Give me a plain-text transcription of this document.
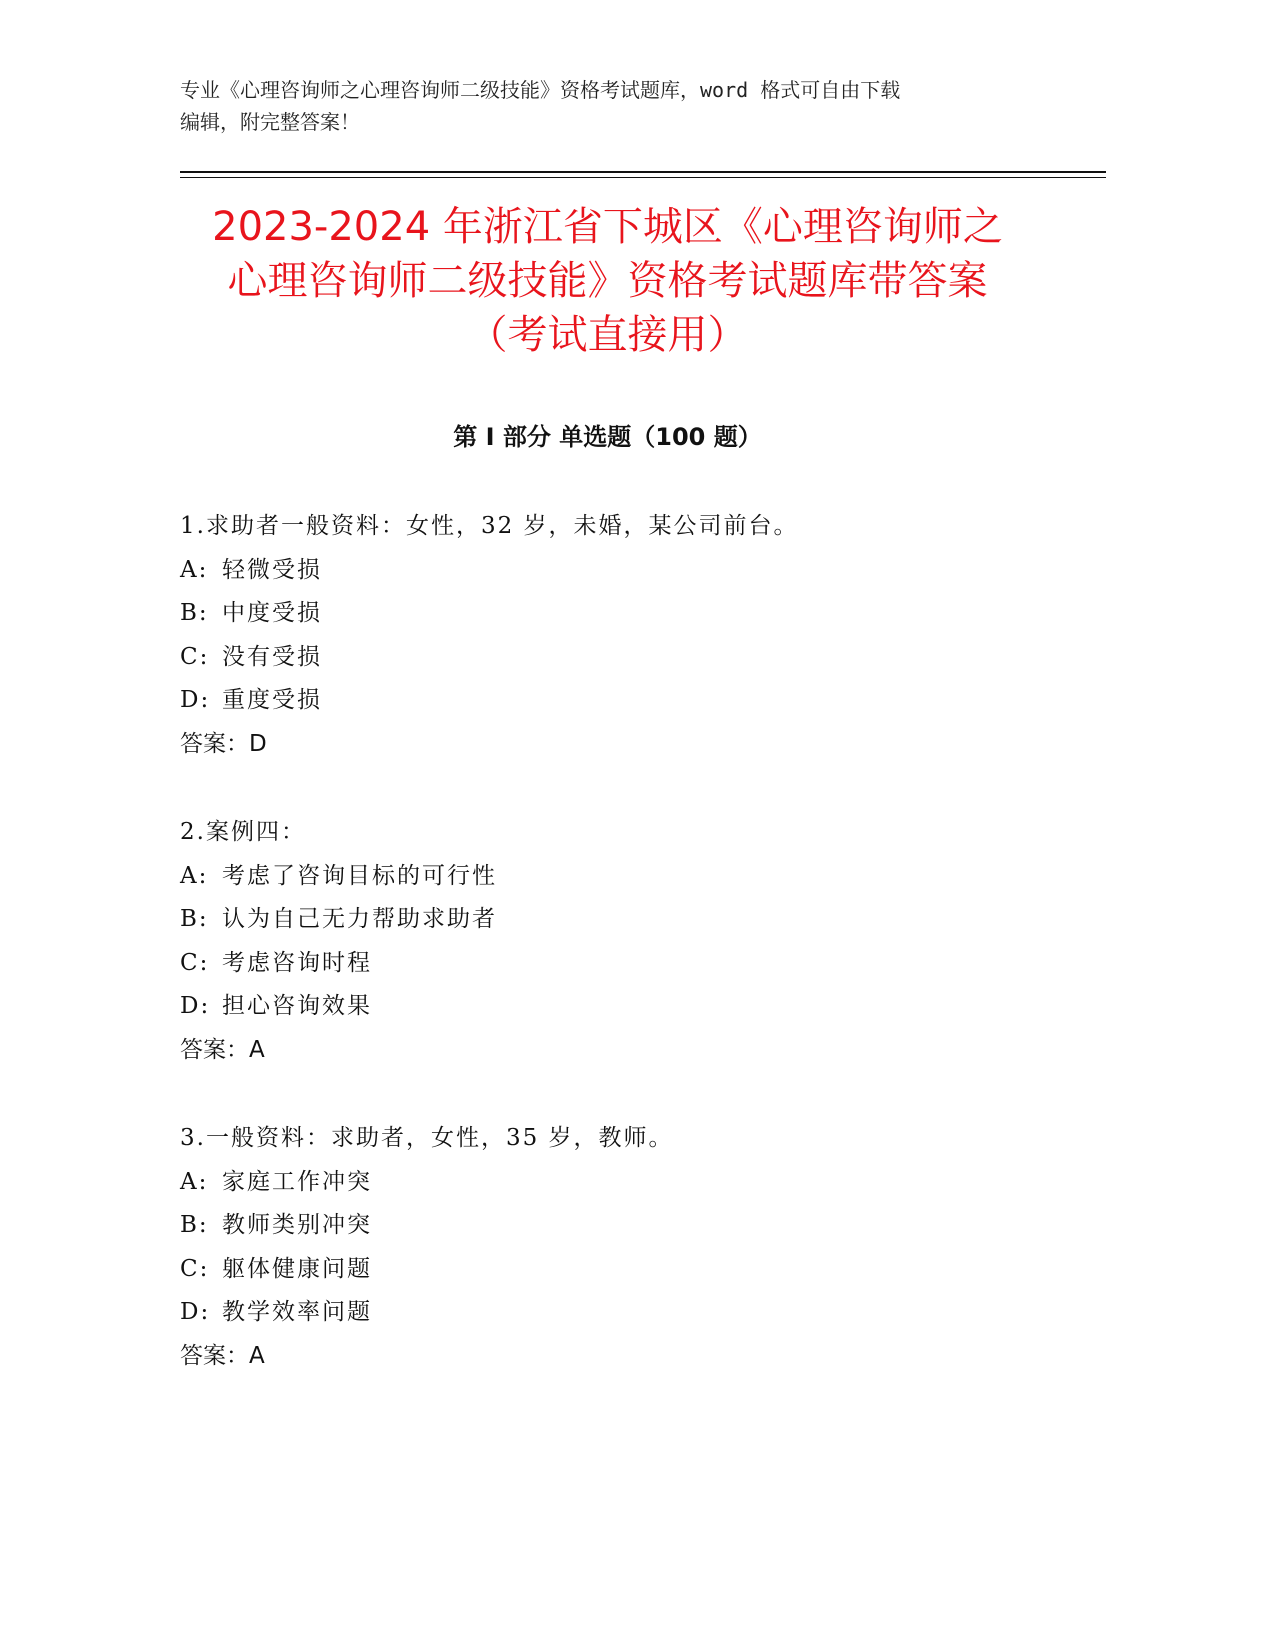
专业《心理咨询师之心理咨询师二级技能》资格考试题库，word 格式可自由下载
编辑，附完整答案！
2023-2024 年浙江省下城区《心理咨询师之
心理咨询师二级技能》资格考试题库带答案
（考试直接用）
第 I 部分 单选题（100 题）
1.求助者一般资料：女性，32 岁，未婚，某公司前台。
A: 轻微受损
B: 中度受损
C: 没有受损
D: 重度受损
答案：D
2.案例四：
A: 考虑了咨询目标的可行性
B: 认为自己无力帮助求助者
C: 考虑咨询时程
D: 担心咨询效果
答案：A
3.一般资料：求助者，女性，35 岁，教师。
A: 家庭工作冲突
B: 教师类别冲突
C: 躯体健康问题
D: 教学效率问题
答案：A
